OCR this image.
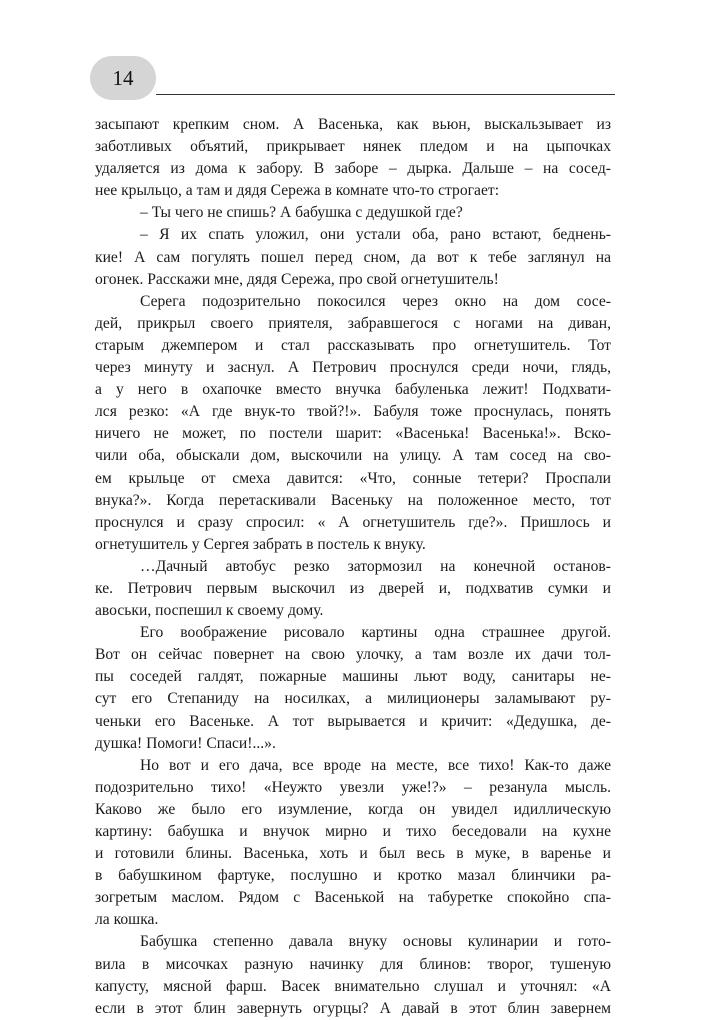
14
засыпают крепким сном. А Васенька, как вьюн, выскальзывает из
заботливых объятий, прикрывает нянек пледом и на цыпочках
удаляется из дома к забору. В заборе – дырка. Дальше – на сосед-
нее крыльцо, а там и дядя Сережа в комнате что-то строгает:
– Ты чего не спишь? А бабушка с дедушкой где?
– Я их спать уложил, они устали оба, рано встают, беднень-
кие! А сам погулять пошел перед сном, да вот к тебе заглянул на
огонек. Расскажи мне, дядя Сережа, про свой огнетушитель!
Серега подозрительно покосился через окно на дом сосе-
дей, прикрыл своего приятеля, забравшегося с ногами на диван,
старым джемпером и стал рассказывать про огнетушитель. Тот
через минуту и заснул. А Петрович проснулся среди ночи, глядь,
а у него в охапочке вместо внучка бабуленька лежит! Подхвати-
лся резко: «А где внук-то твой?!». Бабуля тоже проснулась, понять
ничего не может, по постели шарит: «Васенька! Васенька!». Вско-
чили оба, обыскали дом, выскочили на улицу. А там сосед на сво-
ем крыльце от смеха давится: «Что, сонные тетери? Проспали
внука?». Когда перетаскивали Васеньку на положенное место, тот
проснулся и сразу спросил: « А огнетушитель где?». Пришлось и
огнетушитель у Сергея забрать в постель к внуку.
…Дачный автобус резко затормозил на конечной останов-
ке. Петрович первым выскочил из дверей и, подхватив сумки и
авоськи, поспешил к своему дому.
Его воображение рисовало картины одна страшнее другой.
Вот он сейчас повернет на свою улочку, а там возле их дачи тол-
пы соседей галдят, пожарные машины льют воду, санитары не-
сут его Степаниду на носилках, а милиционеры заламывают ру-
ченьки его Васеньке. А тот вырывается и кричит: «Дедушка, де-
душка! Помоги! Спаси!...».
Но вот и его дача, все вроде на месте, все тихо! Как-то даже
подозрительно тихо! «Неужто увезли уже!?» – резанула мысль.
Каково же было его изумление, когда он увидел идиллическую
картину: бабушка и внучок мирно и тихо беседовали на кухне
и готовили блины. Васенька, хоть и был весь в муке, в варенье и
в бабушкином фартуке, послушно и кротко мазал блинчики ра-
зогретым маслом. Рядом с Васенькой на табуретке спокойно спа-
ла кошка.
Бабушка степенно давала внуку основы кулинарии и гото-
вила в мисочках разную начинку для блинов: творог, тушеную
капусту, мясной фарш. Васек внимательно слушал и уточнял: «А
если в этот блин завернуть огурцы? А давай в этот блин завернем
